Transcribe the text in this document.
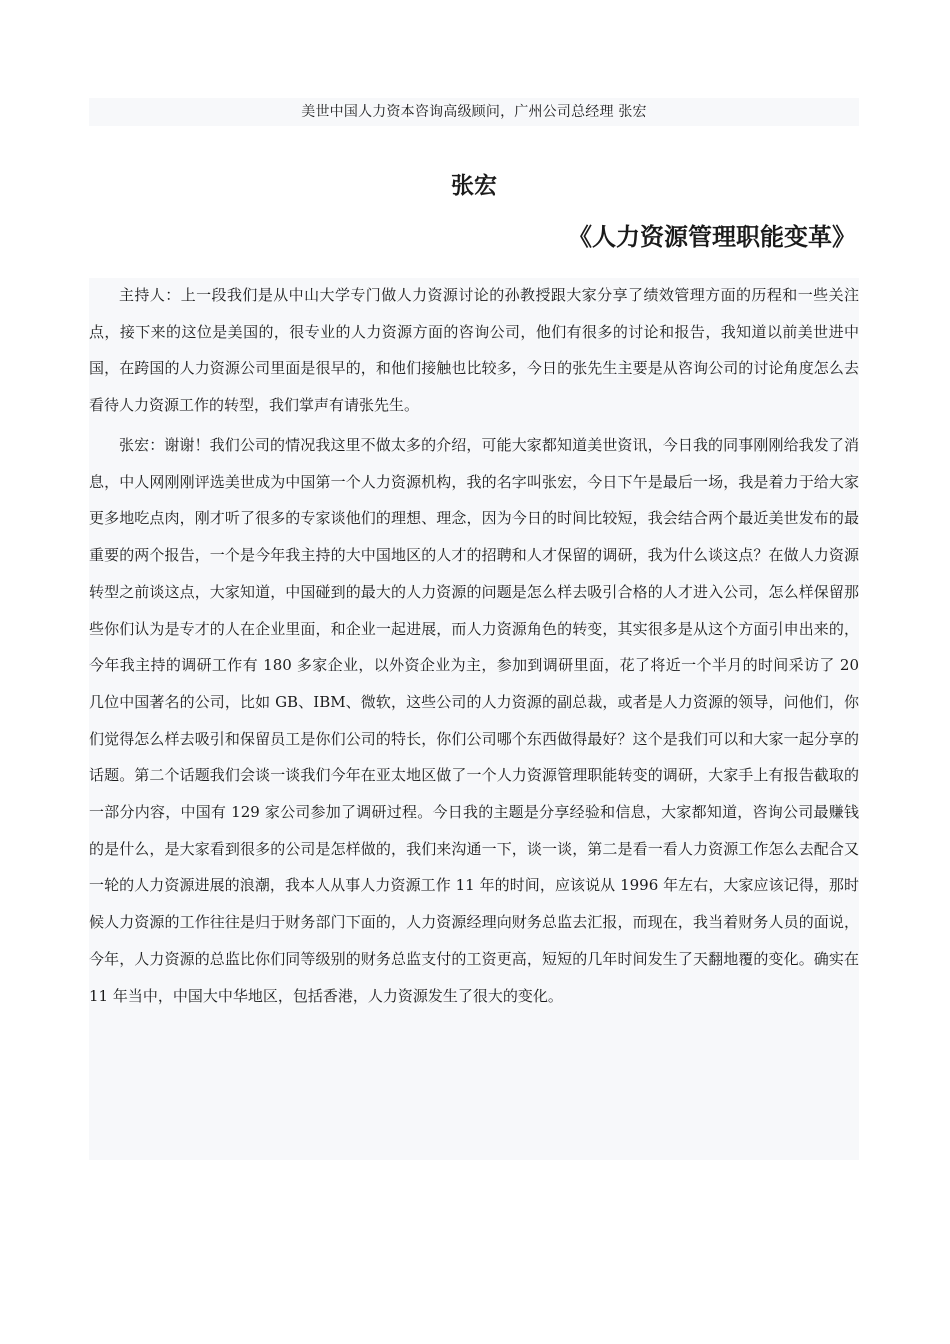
美世中国人力资本咨询高级顾问，广州公司总经理 张宏
张宏
《人力资源管理职能变革》

主持人：上一段我们是从中山大学专门做人力资源讨论的孙教授跟大家分享了绩效管理方面的历程和一些关注点，接下来的这位是美国的，很专业的人力资源方面的咨询公司，他们有很多的讨论和报告，我知道以前美世进中国，在跨国的人力资源公司里面是很早的，和他们接触也比较多，今日的张先生主要是从咨询公司的讨论角度怎么去看待人力资源工作的转型，我们掌声有请张先生。

张宏：谢谢！我们公司的情况我这里不做太多的介绍，可能大家都知道美世资讯，今日我的同事刚刚给我发了消息，中人网刚刚评选美世成为中国第一个人力资源机构，我的名字叫张宏，今日下午是最后一场，我是着力于给大家更多地吃点肉，刚才听了很多的专家谈他们的理想、理念，因为今日的时间比较短，我会结合两个最近美世发布的最重要的两个报告，一个是今年我主持的大中国地区的人才的招聘和人才保留的调研，我为什么谈这点？在做人力资源转型之前谈这点，大家知道，中国碰到的最大的人力资源的问题是怎么样去吸引合格的人才进入公司，怎么样保留那些你们认为是专才的人在企业里面，和企业一起进展，而人力资源角色的转变，其实很多是从这个方面引申出来的，今年我主持的调研工作有 180 多家企业，以外资企业为主，参加到调研里面，花了将近一个半月的时间采访了 20 几位中国著名的公司，比如 GB、IBM、微软，这些公司的人力资源的副总裁，或者是人力资源的领导，问他们，你们觉得怎么样去吸引和保留员工是你们公司的特长，你们公司哪个东西做得最好？这个是我们可以和大家一起分享的话题。第二个话题我们会谈一谈我们今年在亚太地区做了一个人力资源管理职能转变的调研，大家手上有报告截取的一部分内容，中国有 129 家公司参加了调研过程。今日我的主题是分享经验和信息，大家都知道，咨询公司最赚钱的是什么，是大家看到很多的公司是怎样做的，我们来沟通一下，谈一谈，第二是看一看人力资源工作怎么去配合又一轮的人力资源进展的浪潮，我本人从事人力资源工作 11 年的时间，应该说从 1996 年左右，大家应该记得，那时候人力资源的工作往往是归于财务部门下面的，人力资源经理向财务总监去汇报，而现在，我当着财务人员的面说，今年，人力资源的总监比你们同等级别的财务总监支付的工资更高，短短的几年时间发生了天翻地覆的变化。确实在 11 年当中，中国大中华地区，包括香港，人力资源发生了很大的变化。
